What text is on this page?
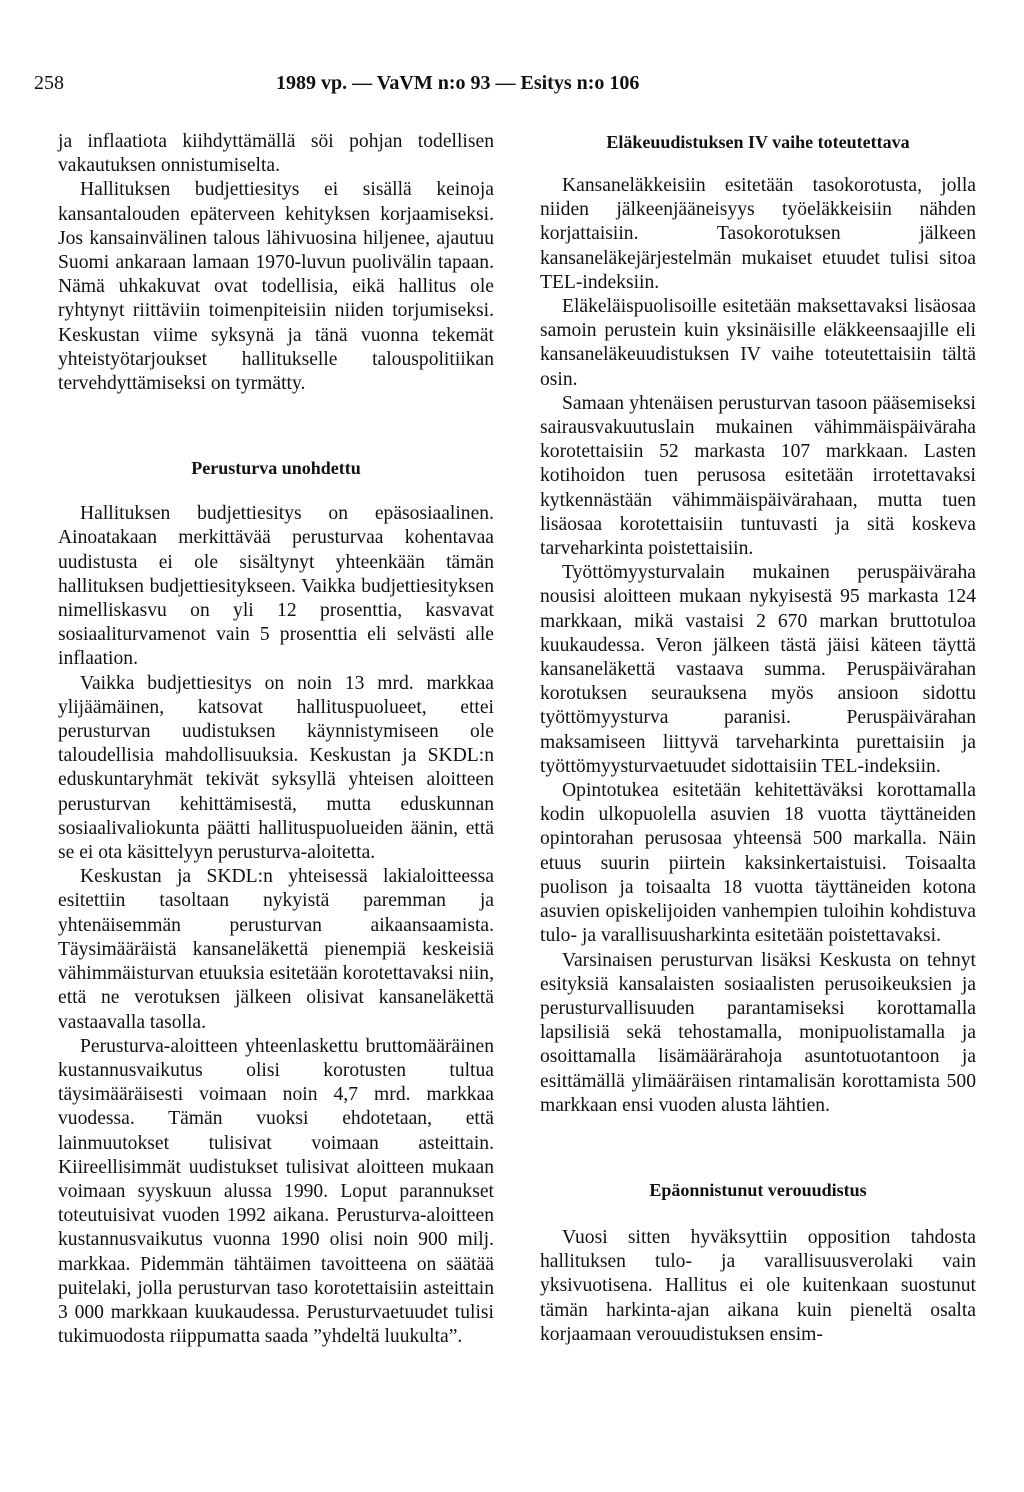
258	1989 vp. — VaVM n:o 93 — Esitys n:o 106

ja inflaatiota kiihdyttämällä söi pohjan todellisen vakautuksen onnistumiselta.

Hallituksen budjettiesitys ei sisällä keinoja kansantalouden epäterveen kehityksen korjaamiseksi. Jos kansainvälinen talous lähivuosina hiljenee, ajautuu Suomi ankaraan lamaan 1970-luvun puolivälin tapaan. Nämä uhkakuvat ovat todellisia, eikä hallitus ole ryhtynyt riittäviin toimenpiteisiin niiden torjumiseksi. Keskustan viime syksynä ja tänä vuonna tekemät yhteistyötarjoukset hallitukselle talouspolitiikan tervehdyttämiseksi on tyrmätty.

Perusturva unohdettu

Hallituksen budjettiesitys on epäsosiaalinen. Ainoatakaan merkittävää perusturvaa kohentavaa uudistusta ei ole sisältynyt yhteenkään tämän hallituksen budjettiesitykseen. Vaikka budjettiesityksen nimelliskasvu on yli 12 prosenttia, kasvavat sosiaaliturvamenot vain 5 prosenttia eli selvästi alle inflaation.

Vaikka budjettiesitys on noin 13 mrd. markkaa ylijäämäinen, katsovat hallituspuolueet, ettei perusturvan uudistuksen käynnistymiseen ole taloudellisia mahdollisuuksia. Keskustan ja SKDL:n eduskuntaryhmät tekivät syksyllä yhteisen aloitteen perusturvan kehittämisestä, mutta eduskunnan sosiaalivaliokunta päätti hallituspuolueiden äänin, että se ei ota käsittelyyn perusturva-aloitetta.

Keskustan ja SKDL:n yhteisessä lakialoitteessa esitettiin tasoltaan nykyistä paremman ja yhtenäisemmän perusturvan aikaansaamista. Täysimääräistä kansaneläkettä pienempiä keskeisiä vähimmäisturvan etuuksia esitetään korotettavaksi niin, että ne verotuksen jälkeen olisivat kansaneläkettä vastaavalla tasolla.

Perusturva-aloitteen yhteenlaskettu bruttomääräinen kustannusvaikutus olisi korotusten tultua täysimääräisesti voimaan noin 4,7 mrd. markkaa vuodessa. Tämän vuoksi ehdotetaan, että lainmuutokset tulisivat voimaan asteittain. Kiireellisimmät uudistukset tulisivat aloitteen mukaan voimaan syyskuun alussa 1990. Loput parannukset toteutuisivat vuoden 1992 aikana. Perusturva-aloitteen kustannusvaikutus vuonna 1990 olisi noin 900 milj. markkaa. Pidemmän tähtäimen tavoitteena on säätää puitelaki, jolla perusturvan taso korotettaisiin asteittain 3 000 markkaan kuukaudessa. Perusturvaetuudet tulisi tukimuodosta riippumatta saada ”yhdeltä luukulta”.

Eläkeuudistuksen IV vaihe toteutettava

Kansaneläkkeisiin esitetään tasokorotusta, jolla niiden jälkeenjääneisyys työeläkkeisiin nähden korjattaisiin. Tasokorotuksen jälkeen kansaneläkejärjestelmän mukaiset etuudet tulisi sitoa TEL-indeksiin.

Eläkeläispuolisoille esitetään maksettavaksi lisäosaa samoin perustein kuin yksinäisille eläkkeensaajille eli kansaneläkeuudistuksen IV vaihe toteutettaisiin tältä osin.

Samaan yhtenäisen perusturvan tasoon pääsemiseksi sairausvakuutuslain mukainen vähimmäispäiväraha korotettaisiin 52 markasta 107 markkaan. Lasten kotihoidon tuen perusosa esitetään irrotettavaksi kytkennästään vähimmäispäivärahaan, mutta tuen lisäosaa korotettaisiin tuntuvasti ja sitä koskeva tarveharkinta poistettaisiin.

Työttömyysturvalain mukainen peruspäiväraha nousisi aloitteen mukaan nykyisestä 95 markasta 124 markkaan, mikä vastaisi 2 670 markan bruttotuloa kuukaudessa. Veron jälkeen tästä jäisi käteen täyttä kansaneläkettä vastaava summa. Peruspäivärahan korotuksen seurauksena myös ansioon sidottu työttömyysturva paranisi. Peruspäivärahan maksamiseen liittyvä tarveharkinta purettaisiin ja työttömyysturvaetuudet sidottaisiin TEL-indeksiin.

Opintotukea esitetään kehitettäväksi korottamalla kodin ulkopuolella asuvien 18 vuotta täyttäneiden opintorahan perusosaa yhteensä 500 markalla. Näin etuus suurin piirtein kaksinkertaistuisi. Toisaalta puolison ja toisaalta 18 vuotta täyttäneiden kotona asuvien opiskelijoiden vanhempien tuloihin kohdistuva tulo- ja varallisuusharkinta esitetään poistettavaksi.

Varsinaisen perusturvan lisäksi Keskusta on tehnyt esityksiä kansalaisten sosiaalisten perusoikeuksien ja perusturvallisuuden parantamiseksi korottamalla lapsilisiä sekä tehostamalla, monipuolistamalla ja osoittamalla lisämäärärahoja asuntotuotantoon ja esittämällä ylimääräisen rintamalisän korottamista 500 markkaan ensi vuoden alusta lähtien.

Epäonnistunut verouudistus

Vuosi sitten hyväksyttiin opposition tahdosta hallituksen tulo- ja varallisuusverolaki vain yksivuotisena. Hallitus ei ole kuitenkaan suostunut tämän harkinta-ajan aikana kuin pieneltä osalta korjaamaan verouudistuksen ensim-
